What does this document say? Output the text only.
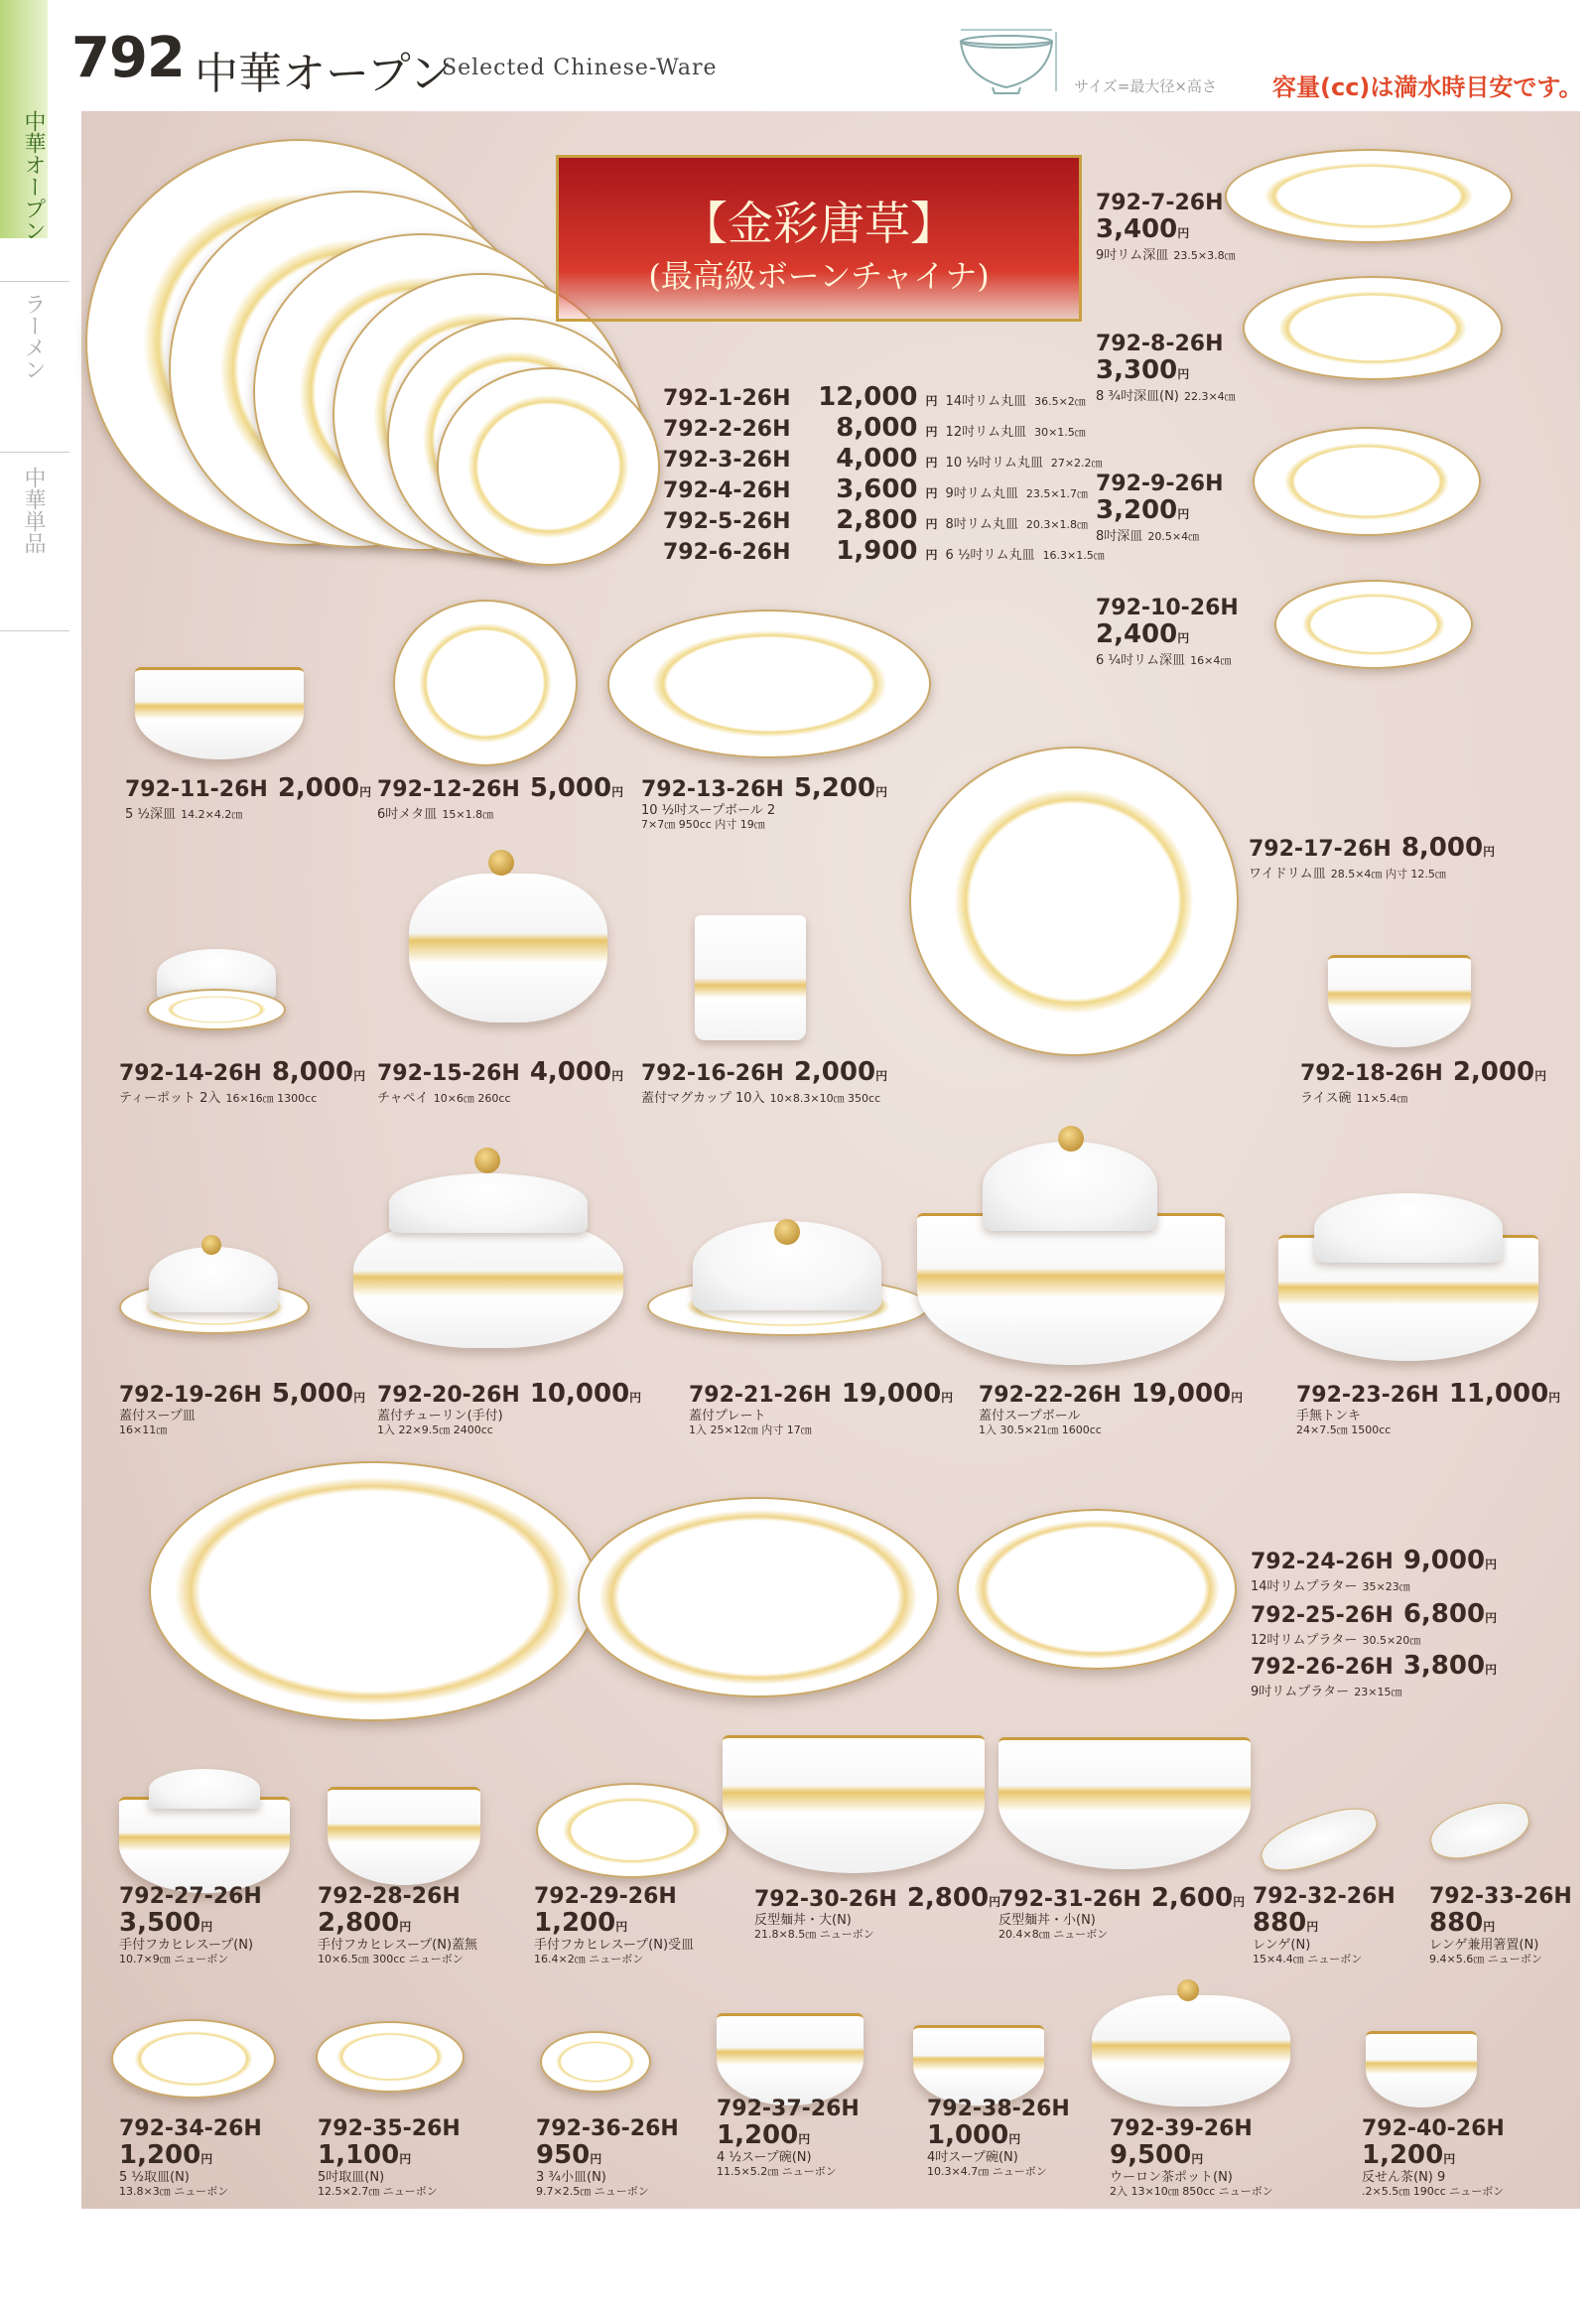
792 中華オープン
Selected Chinese-Ware
サイズ=最大径×高さ 容量(cc)は満水時目安です。
中華オープン
ラーメン
中華単品
【金彩唐草】
(最高級ボーンチャイナ)
792-1-26H	12,000 円 14吋リム丸皿 36.5×2㎝
792-2-26H	8,000 円 12吋リム丸皿 30×1.5㎝
792-3-26H	4,000 円 10 ½吋リム丸皿 27×2.2㎝
792-4-26H	3,600 円 9吋リム丸皿 23.5×1.7㎝
792-5-26H	2,800 円 8吋リム丸皿 20.3×1.8㎝
792-6-26H	1,900 円 6 ½吋リム丸皿 16.3×1.5㎝
792-7-26H
3,400円
9吋リム深皿 23.5×3.8㎝
792-8-26H
3,300円
8 ¾吋深皿(N) 22.3×4㎝
792-9-26H
3,200円
8吋深皿 20.5×4㎝
792-10-26H
2,400円
6 ¼吋リム深皿 16×4㎝
792-11-26H 2,000円
5 ½深皿 14.2×4.2㎝
792-12-26H 5,000円
6吋メタ皿 15×1.8㎝
792-13-26H 5,200円
10 ½吋スープボール 2
7×7㎝ 950cc 内寸 19㎝
792-17-26H 8,000円
ワイドリム皿 28.5×4㎝ 内寸 12.5㎝
792-14-26H 8,000円
ティーポット 2入 16×16㎝ 1300cc
792-15-26H 4,000円
チャペイ 10×6㎝ 260cc
792-16-26H 2,000円
蓋付マグカップ 10入 10×8.3×10㎝ 350cc
792-18-26H 2,000円
ライス碗 11×5.4㎝
792-19-26H 5,000円
蓋付スープ皿
16×11㎝
792-20-26H 10,000円
蓋付チューリン(手付)
1入 22×9.5㎝ 2400cc
792-21-26H 19,000円
蓋付プレート
1入 25×12㎝ 内寸 17㎝
792-22-26H 19,000円
蓋付スープボール
1入 30.5×21㎝ 1600cc
792-23-26H 11,000円
手無トンキ
24×7.5㎝ 1500cc
792-24-26H 9,000円
14吋リムプラター 35×23㎝
792-25-26H 6,800円
12吋リムプラター 30.5×20㎝
792-26-26H 3,800円
9吋リムプラター 23×15㎝
792-27-26H
3,500円
手付フカヒレスープ(N)
10.7×9㎝ ニューボン
792-28-26H
2,800円
手付フカヒレスープ(N)蓋無
10×6.5㎝ 300cc ニューボン
792-29-26H
1,200円
手付フカヒレスープ(N)受皿
16.4×2㎝ ニューボン
792-30-26H 2,800円
反型麺丼・大(N)
21.8×8.5㎝ ニューボン
792-31-26H 2,600円
反型麺丼・小(N)
20.4×8㎝ ニューボン
792-32-26H
880円
レンゲ(N)
15×4.4㎝ ニューボン
792-33-26H
880円
レンゲ兼用箸置(N)
9.4×5.6㎝ ニューボン
792-34-26H
1,200円
5 ½取皿(N)
13.8×3㎝ ニューボン
792-35-26H
1,100円
5吋取皿(N)
12.5×2.7㎝ ニューボン
792-36-26H
950円
3 ¾小皿(N)
9.7×2.5㎝ ニューボン
792-37-26H
1,200円
4 ½スープ碗(N)
11.5×5.2㎝ ニューボン
792-38-26H
1,000円
4吋スープ碗(N)
10.3×4.7㎝ ニューボン
792-39-26H
9,500円
ウーロン茶ポット(N)
2入 13×10㎝ 850cc ニューボン
792-40-26H
1,200円
反せん茶(N) 9
.2×5.5㎝ 190cc ニューボン
